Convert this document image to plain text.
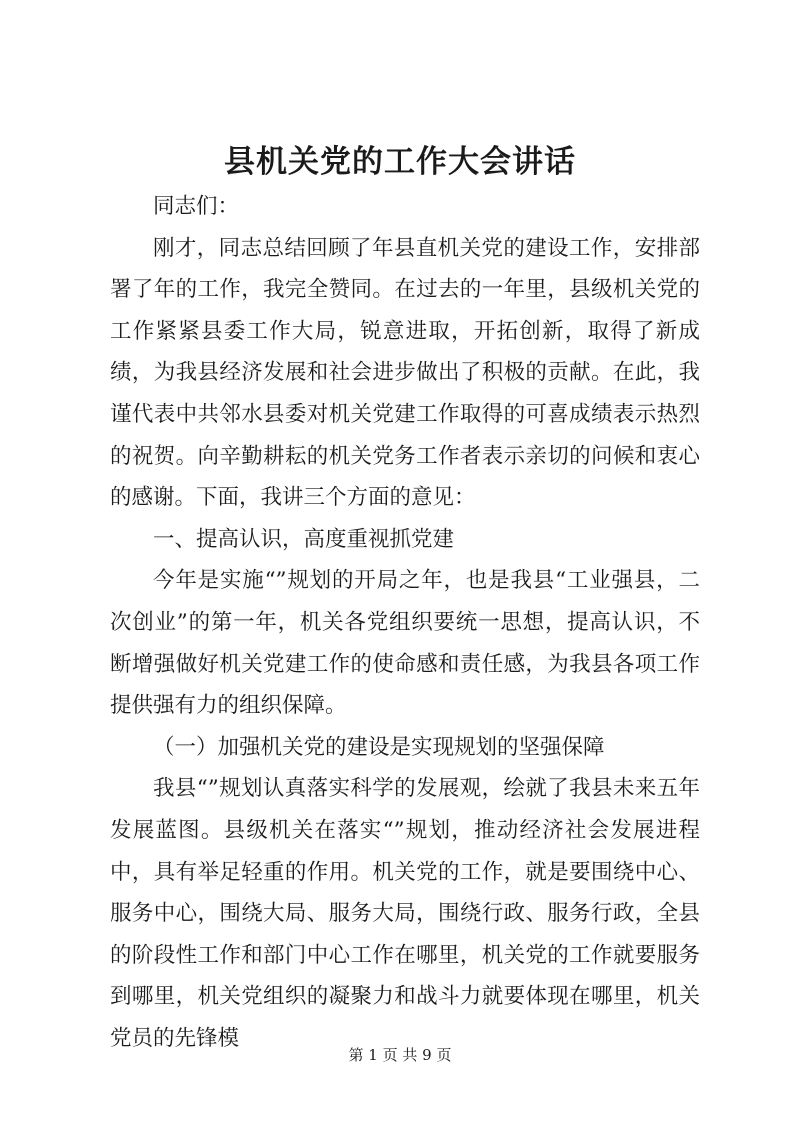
县机关党的工作大会讲话

同志们：

刚才，同志总结回顾了年县直机关党的建设工作，安排部署了年的工作，我完全赞同。在过去的一年里，县级机关党的工作紧紧县委工作大局，锐意进取，开拓创新，取得了新成绩，为我县经济发展和社会进步做出了积极的贡献。在此，我谨代表中共邻水县委对机关党建工作取得的可喜成绩表示热烈的祝贺。向辛勤耕耘的机关党务工作者表示亲切的问候和衷心的感谢。下面，我讲三个方面的意见：

一、提高认识，高度重视抓党建

今年是实施“”规划的开局之年，也是我县“工业强县，二次创业”的第一年，机关各党组织要统一思想，提高认识，不断增强做好机关党建工作的使命感和责任感，为我县各项工作提供强有力的组织保障。

（一）加强机关党的建设是实现规划的坚强保障

我县“”规划认真落实科学的发展观，绘就了我县未来五年发展蓝图。县级机关在落实“”规划，推动经济社会发展进程中，具有举足轻重的作用。机关党的工作，就是要围绕中心、服务中心，围绕大局、服务大局，围绕行政、服务行政，全县的阶段性工作和部门中心工作在哪里，机关党的工作就要服务到哪里，机关党组织的凝聚力和战斗力就要体现在哪里，机关党员的先锋模

第 1 页 共 9 页
